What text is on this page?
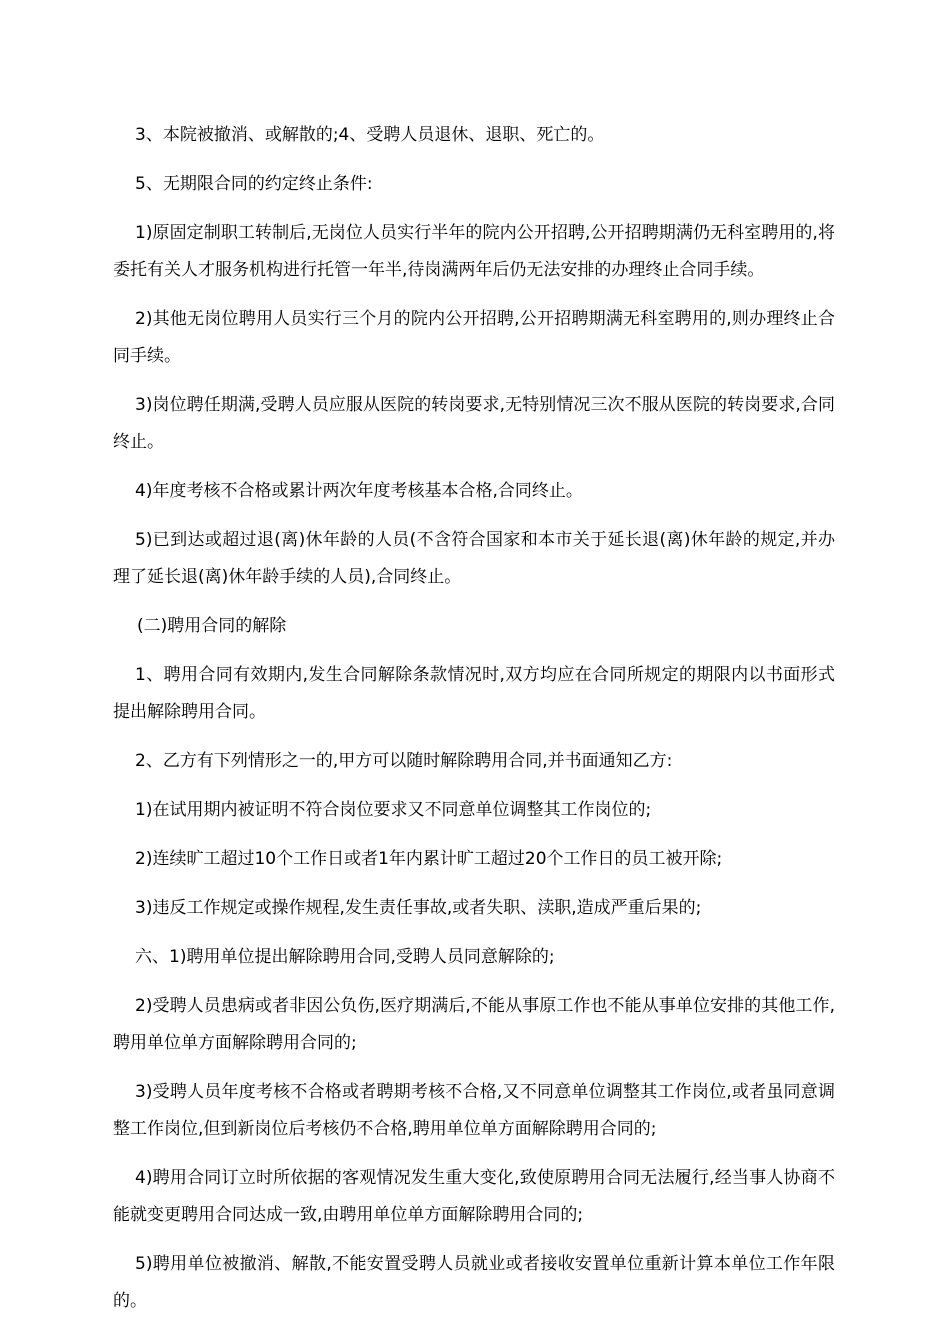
3、本院被撤消、或解散的;4、受聘人员退休、退职、死亡的。

5、无期限合同的约定终止条件:

1)原固定制职工转制后,无岗位人员实行半年的院内公开招聘,公开招聘期满仍无科室聘用的,将委托有关人才服务机构进行托管一年半,待岗满两年后仍无法安排的办理终止合同手续。

2)其他无岗位聘用人员实行三个月的院内公开招聘,公开招聘期满无科室聘用的,则办理终止合同手续。

3)岗位聘任期满,受聘人员应服从医院的转岗要求,无特别情况三次不服从医院的转岗要求,合同终止。

4)年度考核不合格或累计两次年度考核基本合格,合同终止。

5)已到达或超过退(离)休年龄的人员(不含符合国家和本市关于延长退(离)休年龄的规定,并办理了延长退(离)休年龄手续的人员),合同终止。

(二)聘用合同的解除

1、聘用合同有效期内,发生合同解除条款情况时,双方均应在合同所规定的期限内以书面形式提出解除聘用合同。

2、乙方有下列情形之一的,甲方可以随时解除聘用合同,并书面通知乙方:

1)在试用期内被证明不符合岗位要求又不同意单位调整其工作岗位的;

2)连续旷工超过10个工作日或者1年内累计旷工超过20个工作日的员工被开除;

3)违反工作规定或操作规程,发生责任事故,或者失职、渎职,造成严重后果的;

六、1)聘用单位提出解除聘用合同,受聘人员同意解除的;

2)受聘人员患病或者非因公负伤,医疗期满后,不能从事原工作也不能从事单位安排的其他工作,聘用单位单方面解除聘用合同的;

3)受聘人员年度考核不合格或者聘期考核不合格,又不同意单位调整其工作岗位,或者虽同意调整工作岗位,但到新岗位后考核仍不合格,聘用单位单方面解除聘用合同的;

4)聘用合同订立时所依据的客观情况发生重大变化,致使原聘用合同无法履行,经当事人协商不能就变更聘用合同达成一致,由聘用单位单方面解除聘用合同的;

5)聘用单位被撤消、解散,不能安置受聘人员就业或者接收安置单位重新计算本单位工作年限的。
